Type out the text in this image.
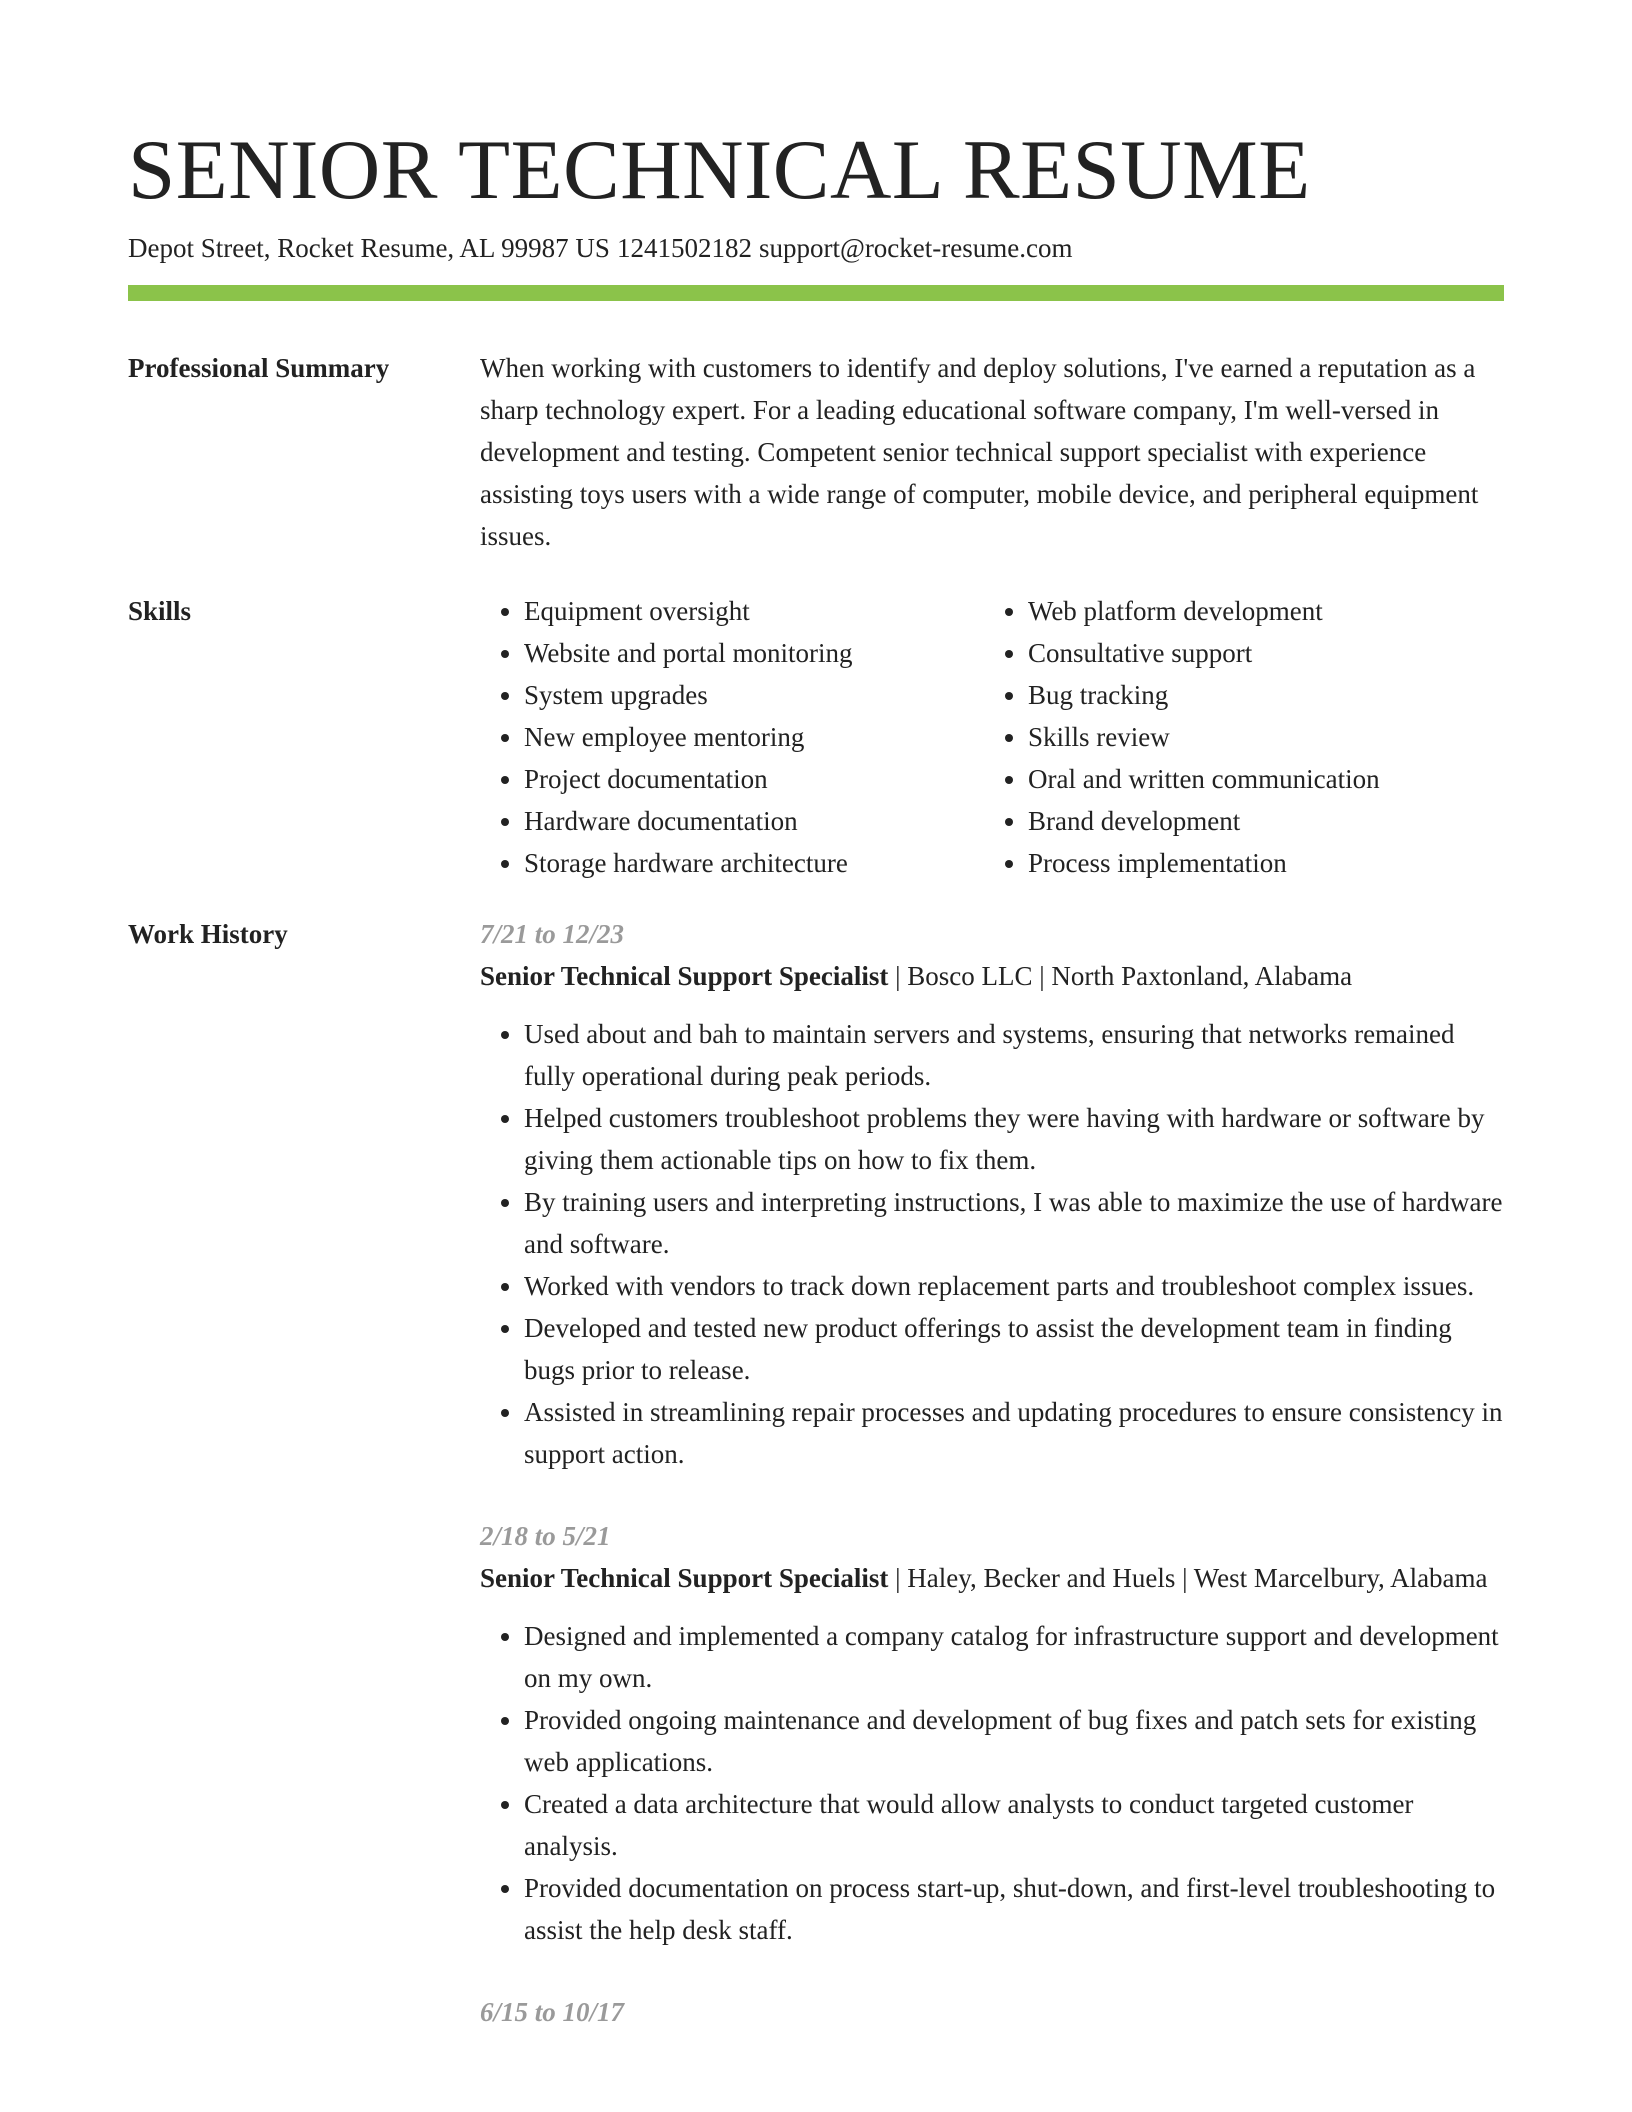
SENIOR TECHNICAL RESUME
Depot Street, Rocket Resume, AL 99987 US 1241502182 support@rocket-resume.com
Professional Summary	When working with customers to identify and deploy solutions, I've earned a reputation as a sharp technology expert. For a leading educational software company, I'm well-versed in development and testing. Competent senior technical support specialist with experience assisting toys users with a wide range of computer, mobile device, and peripheral equipment issues.

Skills
•	Equipment oversight
• Website and portal monitoring
• System upgrades
• New employee mentoring
• Project documentation
• Hardware documentation
• Storage hardware architecture
• Web platform development
• Consultative support
• Bug tracking
• Skills review
• Oral and written communication
• Brand development
• Process implementation
Work History	7/21 to 12/23
Senior Technical Support Specialist | Bosco LLC | North Paxtonland, Alabama
• Used about and bah to maintain servers and systems, ensuring that networks remained fully operational during peak periods.
• Helped customers troubleshoot problems they were having with hardware or software by giving them actionable tips on how to fix them.
• By training users and interpreting instructions, I was able to maximize the use of hardware and software.
• Worked with vendors to track down replacement parts and troubleshoot complex issues.
• Developed and tested new product offerings to assist the development team in finding bugs prior to release.
• Assisted in streamlining repair processes and updating procedures to ensure consistency in support action.
2/18 to 5/21
Senior Technical Support Specialist | Haley, Becker and Huels | West Marcelbury, Alabama
• Designed and implemented a company catalog for infrastructure support and development on my own.
• Provided ongoing maintenance and development of bug fixes and patch sets for existing web applications.
• Created a data architecture that would allow analysts to conduct targeted customer analysis.
• Provided documentation on process start-up, shut-down, and first-level troubleshooting to assist the help desk staff.
6/15 to 10/17
